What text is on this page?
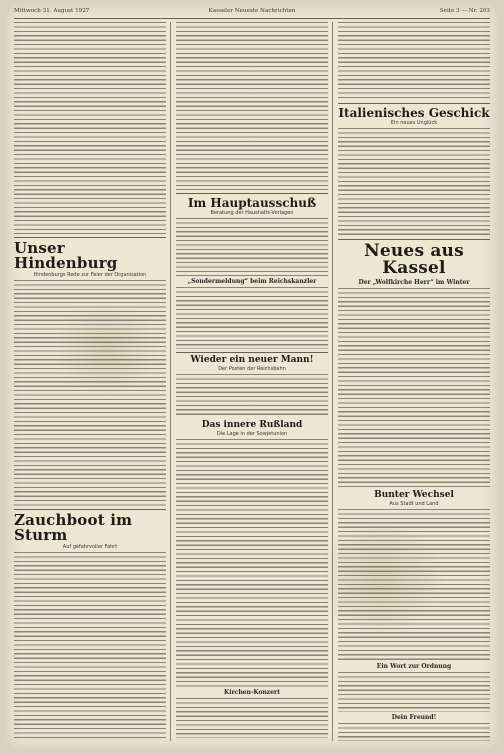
Mittwoch 31. August 1927	Kasseler Neueste Nachrichten	Seite 3 — Nr. 203
Unser Hindenburg
Hindenburgs Rede zur Feier der Organisation
Zauchboot im Sturm
Auf gefahrvoller Fahrt
Im Hauptausschuß
Beratung der Haushalts-Vorlagen
„Sondermeldung“ beim Reichskanzler
Wieder ein neuer Mann!
Der Posten der Reichsbahn
Das innere Rußland
Die Lage in der Sowjetunion
Kirchen-Konzert
Italienisches Geschick
Ein neues Unglück
Neues aus Kassel
Der „Wolfkirche Herr“ im Winter
Bunter Wechsel
Aus Stadt und Land
Ein Wort zur Ordnung
Dein Freund!
